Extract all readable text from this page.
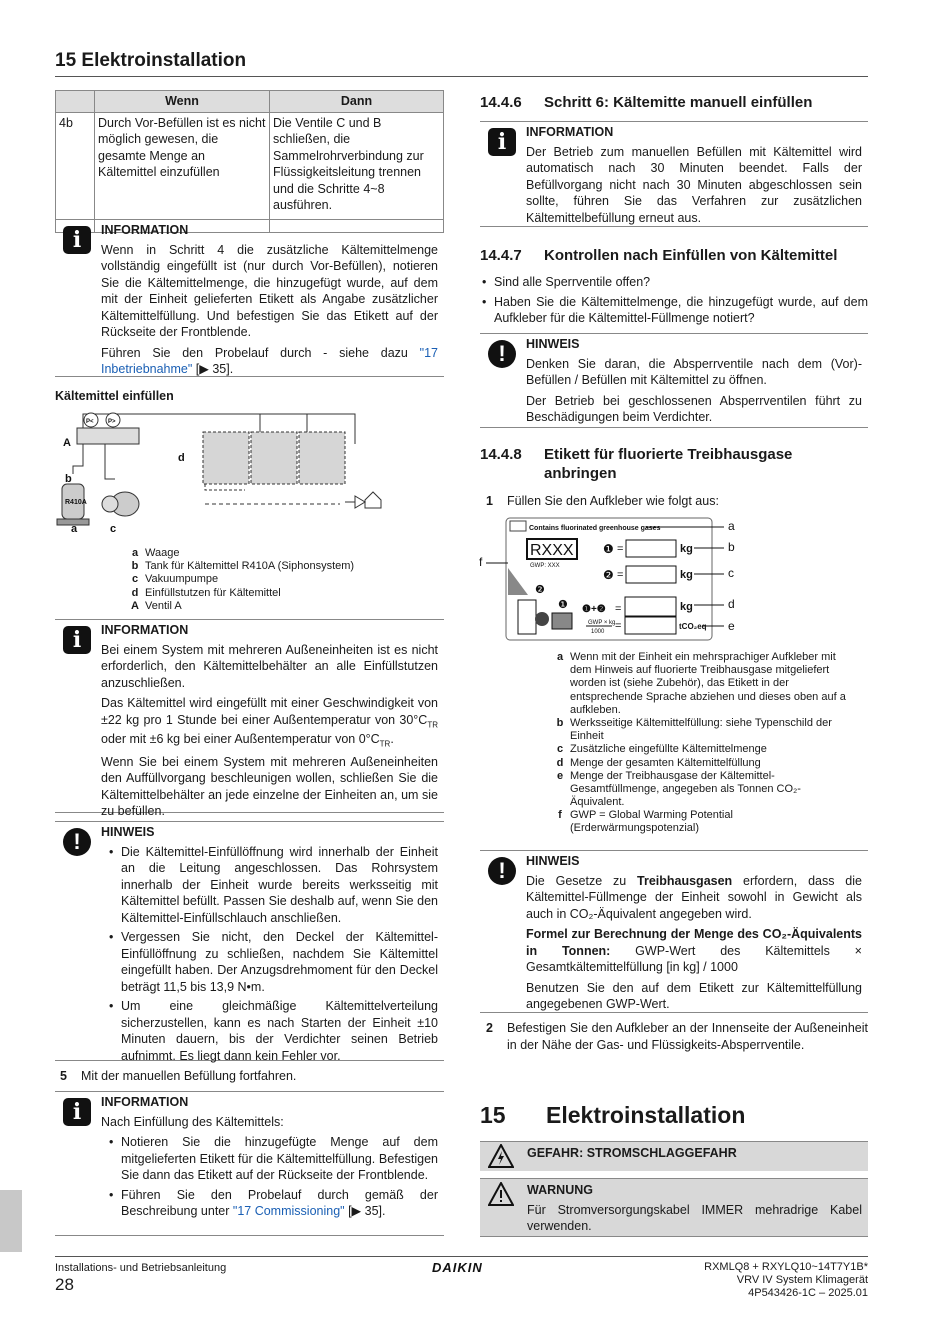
15 Elektroinstallation
	Wenn	Dann
4b	Durch Vor-Befüllen ist es nicht möglich gewesen, die gesamte Menge an Kältemittel einzufüllen	Die Ventile C und B schließen, die Sammelrohrverbindung zur Flüssigkeitsleitung trennen und die Schritte 4~8 ausführen.
i	INFORMATION
Wenn in Schritt 4 die zusätzliche Kältemittelmenge vollständig eingefüllt ist (nur durch Vor-Befüllen), notieren Sie die Kältemittelmenge, die hinzugefügt wurde, auf dem mit der Einheit gelieferten Etikett als Angabe zusätzlicher Kältemittelfüllung. Und befestigen Sie das Etikett auf der Rückseite der Frontblende.
Führen Sie den Probelauf durch - siehe dazu "17 Inbetriebnahme" [▶ 35].
Kältemittel einfüllen
A
b
a	c
d
R410A
P< P>
a Waage
b Tank für Kältemittel R410A (Siphonsystem)
c Vakuumpumpe
d Einfüllstutzen für Kältemittel
A Ventil A
i	INFORMATION
Bei einem System mit mehreren Außeneinheiten ist es nicht erforderlich, den Kältemittelbehälter an alle Einfüllstutzen anzuschließen.
Das Kältemittel wird eingefüllt mit einer Geschwindigkeit von ±22 kg pro 1 Stunde bei einer Außentemperatur von $30^\circ C_{TR}$ oder mit ±6 kg bei einer Außentemperatur von $0^\circ C_{TR}$.
Wenn Sie bei einem System mit mehreren Außeneinheiten den Auffüllvorgang beschleunigen wollen, schließen Sie die Kältemittelbehälter an jede einzelne der Einheiten an, um sie zu befüllen.
!	HINWEIS
• Die Kältemittel-Einfüllöffnung wird innerhalb der Einheit an die Leitung angeschlossen. Das Rohrsystem innerhalb der Einheit wurde bereits werksseitig mit Kältemittel befüllt. Passen Sie deshalb auf, wenn Sie den Kältemittel-Einfüllschlauch anschließen.
• Vergessen Sie nicht, den Deckel der Kältemittel-Einfüllöffnung zu schließen, nachdem Sie Kältemittel eingefüllt haben. Der Anzugsdrehmoment für den Deckel beträgt 11,5 bis 13,9 N•m.
• Um eine gleichmäßige Kältemittelverteilung sicherzustellen, kann es nach Starten der Einheit ±10 Minuten dauern, bis der Verdichter seinen Betrieb aufnimmt. Es liegt dann kein Fehler vor.
5 Mit der manuellen Befüllung fortfahren.
i	INFORMATION
Nach Einfüllung des Kältemittels:
• Notieren Sie die hinzugefügte Menge auf dem mitgelieferten Etikett für die Kältemittelfüllung. Befestigen Sie dann das Etikett auf der Rückseite der Frontblende.
• Führen Sie den Probelauf durch gemäß der Beschreibung unter "17 Commissioning" [▶ 35].
14.4.6 Schritt 6: Kältemitte manuell einfüllen
i	INFORMATION
Der Betrieb zum manuellen Befüllen mit Kältemittel wird automatisch nach 30 Minuten beendet. Falls der Befüllvorgang nicht nach 30 Minuten abgeschlossen sein sollte, führen Sie das Verfahren zur zusätzlichen Kältemittelbefüllung erneut aus.
14.4.7 Kontrollen nach Einfüllen von Kältemittel
• Sind alle Sperrventile offen?
• Haben Sie die Kältemittelmenge, die hinzugefügt wurde, auf dem Aufkleber für die Kältemittel-Füllmenge notiert?
!	HINWEIS
Denken Sie daran, die Absperrventile nach dem (Vor)-Befüllen / Befüllen mit Kältemittel zu öffnen.
Der Betrieb bei geschlossenen Absperrventilen führt zu Beschädigungen beim Verdichter.
14.4.8 Etikett für fluorierte Treibhausgase
anbringen
1 Füllen Sie den Aufkleber wie folgt aus:
Contains fluorinated greenhouse gases
RXXX
GWP: XXX
❶ =	kg
❷ =	kg
❷
❶ ❶+❷ =	kg
GWP × kg
1000 =	tCO₂eq
a
b
c
d
e
f
a Wenn mit der Einheit ein mehrsprachiger Aufkleber mit dem Hinweis auf fluorierte Treibhausgase mitgeliefert worden ist (siehe Zubehör), das Etikett in der entsprechende Sprache abziehen und dieses oben auf a aufkleben.
b Werksseitige Kältemittelfüllung: siehe Typenschild der Einheit
c Zusätzliche eingefüllte Kältemittelmenge
d Menge der gesamten Kältemittelfüllung
e Menge der Treibhausgase der Kältemittel-Gesamtfüllmenge, angegeben als Tonnen CO₂-Äquivalent.
f GWP = Global Warming Potential (Erderwärmungspotenzial)
!	HINWEIS
Die Gesetze zu Treibhausgasen erfordern, dass die Kältemittel-Füllmenge der Einheit sowohl in Gewicht als auch in CO₂-Äquivalent angegeben wird.
Formel zur Berechnung der Menge des CO₂-Äquivalents in Tonnen: GWP-Wert des Kältemittels × Gesamtkältemittelfüllung [in kg] / 1000
Benutzen Sie den auf dem Etikett zur Kältemittelfüllung angegebenen GWP-Wert.
2 Befestigen Sie den Aufkleber an der Innenseite der Außeneinheit in der Nähe der Gas- und Flüssigkeits-Absperrventile.
15 Elektroinstallation
GEFAHR: STROMSCHLAGGEFAHR
WARNUNG
Für Stromversorgungskabel IMMER mehradrige Kabel verwenden.
Installations- und Betriebsanleitung
28
DAIKIN	RXMLQ8 + RXYLQ10~14T7Y1B*
VRV IV System Klimagerät
4P543426-1C – 2025.01
